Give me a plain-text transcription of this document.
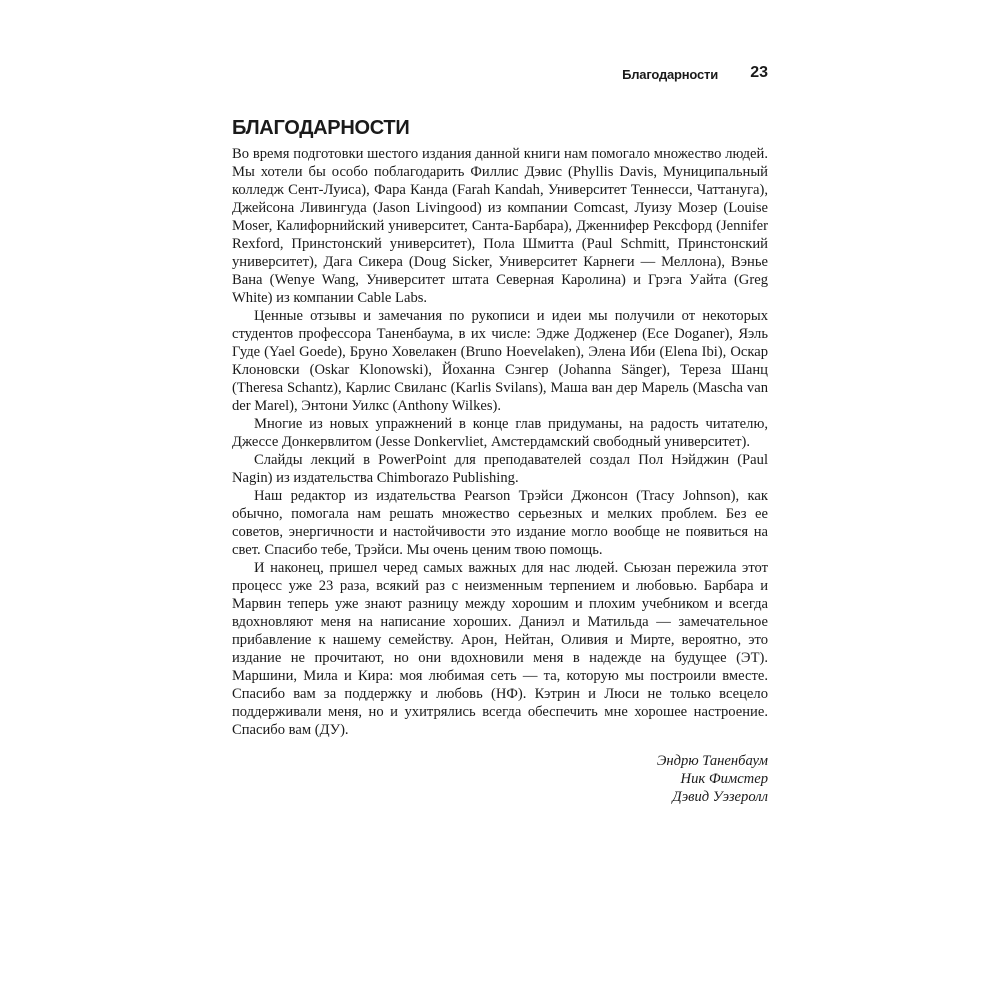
Благодарности 23
БЛАГОДАРНОСТИ

Во время подготовки шестого издания данной книги нам помогало множество людей. Мы хотели бы особо поблагодарить Филлис Дэвис (Phyllis Davis, Муниципальный колледж Сент-Луиса), Фара Канда (Farah Kandah, Университет Теннесси, Чаттануга), Джейсона Ливингуда (Jason Livingood) из компании Comcast, Луизу Мозер (Louise Moser, Калифорнийский университет, Санта-Барбара), Дженнифер Рексфорд (Jennifer Rexford, Принстонский университет), Пола Шмитта (Paul Schmitt, Принстонский университет), Дага Сикера (Doug Sicker, Университет Карнеги — Меллона), Вэнье Вана (Wenye Wang, Университет штата Северная Каролина) и Грэга Уайта (Greg White) из компании Cable Labs.

Ценные отзывы и замечания по рукописи и идеи мы получили от некоторых студентов профессора Таненбаума, в их числе: Эдже Додженер (Ece Doganer), Яэль Гуде (Yael Goede), Бруно Ховелакен (Bruno Hoevelaken), Элена Иби (Elena Ibi), Оскар Клоновски (Oskar Klonowski), Йоханна Сэнгер (Johanna Sänger), Тереза Шанц (Theresa Schantz), Карлис Свиланс (Karlis Svilans), Маша ван дер Марель (Mascha van der Marel), Энтони Уилкс (Anthony Wilkes).

Многие из новых упражнений в конце глав придуманы, на радость читателю, Джессе Донкервлитом (Jesse Donkervliet, Амстердамский свободный университет).

Слайды лекций в PowerPoint для преподавателей создал Пол Нэйджин (Paul Nagin) из издательства Chimborazo Publishing.

Наш редактор из издательства Pearson Трэйси Джонсон (Tracy Johnson), как обычно, помогала нам решать множество серьезных и мелких проблем. Без ее советов, энергичности и настойчивости это издание могло вообще не появиться на свет. Спасибо тебе, Трэйси. Мы очень ценим твою помощь.

И наконец, пришел черед самых важных для нас людей. Сьюзан пережила этот процесс уже 23 раза, всякий раз с неизменным терпением и любовью. Барбара и Марвин теперь уже знают разницу между хорошим и плохим учебником и всегда вдохновляют меня на написание хороших. Даниэл и Матильда — замечательное прибавление к нашему семейству. Арон, Нейтан, Оливия и Мирте, вероятно, это издание не прочитают, но они вдохновили меня в надежде на будущее (ЭТ). Маршини, Мила и Кира: моя любимая сеть — та, которую мы построили вместе. Спасибо вам за поддержку и любовь (НФ). Кэтрин и Люси не только всецело поддерживали меня, но и ухитрялись всегда обеспечить мне хорошее настроение. Спасибо вам (ДУ).

Эндрю Таненбаум
Ник Фимстер
Дэвид Уэзеролл
